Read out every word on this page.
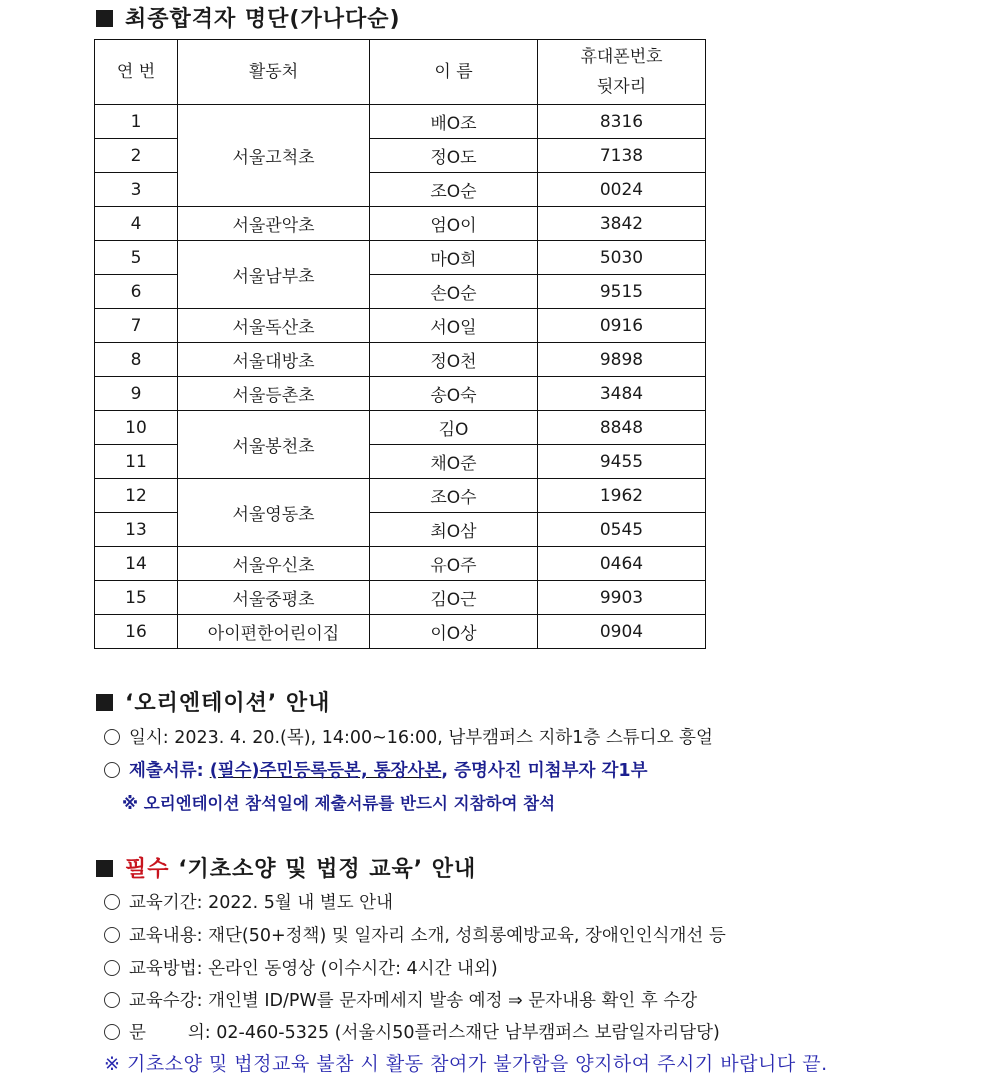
최종합격자 명단(가나다순)
연 번	활동처	이 름	휴대폰번호
뒷자리
1	서울고척초	배O조	8316
2		정O도	7138
3		조O순	0024
4	서울관악초	엄O이	3842
5	서울남부초	마O희	5030
6		손O순	9515
7	서울독산초	서O일	0916
8	서울대방초	정O천	9898
9	서울등촌초	송O숙	3484
10	서울봉천초	김O	8848
11		채O준	9455
12	서울영동초	조O수	1962
13		최O삼	0545
14	서울우신초	유O주	0464
15	서울중평초	김O근	9903
16	아이편한어린이집	이O상	0904
‘오리엔테이션’ 안내
일시: 2023. 4. 20.(목), 14:00~16:00, 남부캠퍼스 지하1층 스튜디오 흥얼
제출서류: (필수)주민등록등본, 통장사본, 증명사진 미첨부자 각1부
※ 오리엔테이션 참석일에 제출서류를 반드시 지참하여 참석
필수 ‘기초소양 및 법정 교육’ 안내
교육기간: 2022. 5월 내 별도 안내
교육내용: 재단(50+정책) 및 일자리 소개, 성희롱예방교육, 장애인인식개선 등
교육방법: 온라인 동영상 (이수시간: 4시간 내외)
교육수강: 개인별 ID/PW를 문자메세지 발송 예정 ⇒ 문자내용 확인 후 수강
문 의: 02-460-5325 (서울시50플러스재단 남부캠퍼스 보람일자리담당)
※ 기초소양 및 법정교육 불참 시 활동 참여가 불가함을 양지하여 주시기 바랍니다 끝.
